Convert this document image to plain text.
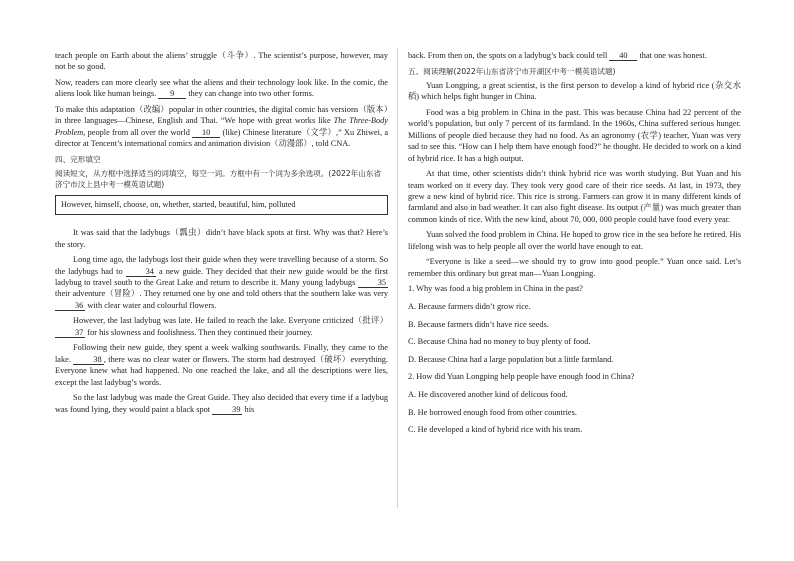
teach people on Earth about the aliens’ struggle（斗争）. The scientist’s purpose, however, may not be so good.

Now, readers can more clearly see what the aliens and their technology look like. In the comic, the aliens look like human beings. 9 they can change into two other forms.

To make this adaptation（改编）popular in other countries, the digital comic has versions（版本）in three languages—Chinese, English and Thai. “We hope with great works like The Three-Body Problem, people from all over the world 10 (like) Chinese literature（文学）,” Xu Zhiwei, a director at Tencent’s international comics and animation division（动漫部）, told CNA.

四、完形填空
阅读短文，从方框中选择适当的词填空，每空一词。方框中有一个词为多余选项。(2022年山东省济宁市汶上县中考一模英语试题)
However, himself, choose, on, whether, started, beautiful, him, polluted

It was said that the ladybugs（瓢虫）didn’t have black spots at first. Why was that? Here’s the story.

Long time ago, the ladybugs lost their guide when they were travelling because of a storm. So the ladybugs had to	34 a new guide. They decided that their new guide would be the first ladybug to travel south to the Great Lake and return to describe it. Many young ladybugs	35 their adventure（冒险）. They returned one by one and told others that the southern lake was very 36 with clear water and colourful flowers.

However, the last ladybug was late. He failed to reach the lake. Everyone criticized（批评） 37 for his slowness and foolishness. Then they continued their journey.

Following their new guide, they spent a week walking southwards. Finally, they came to the lake.	38 , there was no clear water or flowers. The storm had destroyed（破坏）everything. Everyone knew what had happened. No one reached the lake, and all the descriptions were lies, except the last ladybug’s words.

So the last ladybug was made the Great Guide. They also decided that every time if a ladybug was found lying, they would paint a black spot	39 his

back. From then on, the spots on a ladybug’s back could tell 40 that one was honest.

五、阅读理解(2022年山东省济宁市开湖区中考一模英语试题)

Yuan Longping, a great scientist, is the first person to develop a kind of hybrid rice (杂交水稻) which helps fight hunger in China.

Food was a big problem in China in the past. This was because China had 22 percent of the world’s population, but only 7 percent of its farmland. In the 1960s, China suffered serious hunger. Millions of people died because they had no food. As an agronomy (农学) teacher, Yuan was very sad to see this. “How can I help them have enough food?” he thought. He decided to work on a kind of hybrid rice. It has a high output.

At that time, other scientists didn’t think hybrid rice was worth studying. But Yuan and his team worked on it every day. They took very good care of their rice seeds. At last, in 1973, they grew a new kind of hybrid rice. This rice is strong. Farmers can grow it in many different kinds of farmland and also in bad weather. It can also fight disease. Its output (产量) was much greater than common kinds of rice. With the new kind, about 70, 000, 000 people could have food every year.

Yuan solved the food problem in China. He hoped to grow rice in the sea before he retired. His lifelong wish was to help people all over the world have enough to eat.

“Everyone is like a seed—we should try to grow into good people.” Yuan once said. Let’s remember this ordinary but great man—Yuan Longping.

1. Why was food a big problem in China in the past?
A. Because farmers didn’t grow rice.
B. Because farmers didn’t have rice seeds.
C. Because China had no money to buy plenty of food.
D. Because China had a large population but a little farmland.
2. How did Yuan Longping help people have enough food in China?
A. He discovered another kind of delicous food.
B. He borrowed enough food from other countries.
C. He developed a kind of hybrid rice with his team.
